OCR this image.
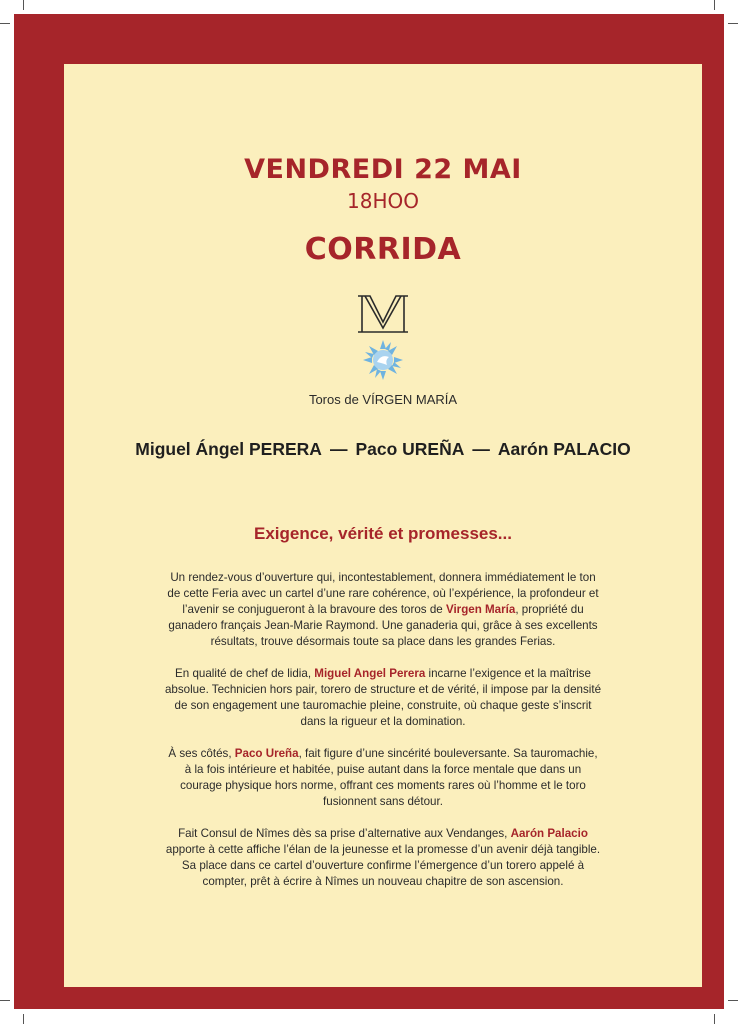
VENDREDI 22 MAI
18HOO
CORRIDA
Toros de VÍRGEN MARÍA
Miguel Ángel PERERA — Paco UREÑA — Aarón PALACIO
Exigence, vérité et promesses...

Un rendez-vous d’ouverture qui, incontestablement, donnera immédiatement le ton de cette Feria avec un cartel d’une rare cohérence, où l’expérience, la profondeur et l’avenir se conjugueront à la bravoure des toros de Virgen María, propriété du ganadero français Jean-Marie Raymond. Une ganaderia qui, grâce à ses excellents résultats, trouve désormais toute sa place dans les grandes Ferias.

En qualité de chef de lidia, Miguel Angel Perera incarne l’exigence et la maîtrise absolue. Technicien hors pair, torero de structure et de vérité, il impose par la densité de son engagement une tauromachie pleine, construite, où chaque geste s’inscrit dans la rigueur et la domination.

À ses côtés, Paco Ureña, fait figure d’une sincérité bouleversante. Sa tauromachie, à la fois intérieure et habitée, puise autant dans la force mentale que dans un courage physique hors norme, offrant ces moments rares où l’homme et le toro fusionnent sans détour.

Fait Consul de Nîmes dès sa prise d’alternative aux Vendanges, Aarón Palacio apporte à cette affiche l’élan de la jeunesse et la promesse d’un avenir déjà tangible. Sa place dans ce cartel d’ouverture confirme l’émergence d’un torero appelé à compter, prêt à écrire à Nîmes un nouveau chapitre de son ascension.
